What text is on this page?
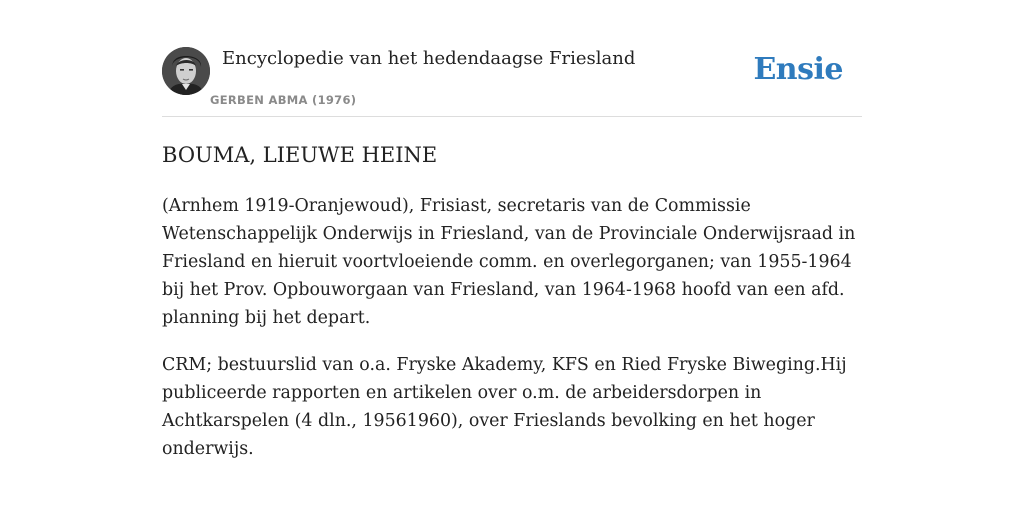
Encyclopedie van het hedendaagse Friesland
GERBEN ABMA (1976)
Ensie
BOUMA, LIEUWE HEINE

(Arnhem 1919-Oranjewoud), Frisiast, secretaris van de Commissie Wetenschappelijk Onderwijs in Friesland, van de Provinciale Onderwijsraad in Friesland en hieruit voortvloeiende comm. en overlegorganen; van 1955-1964 bij het Prov. Opbouworgaan van Friesland, van 1964-1968 hoofd van een afd. planning bij het depart.

CRM; bestuurslid van o.a. Fryske Akademy, KFS en Ried Fryske Biweging.Hij publiceerde rapporten en artikelen over o.m. de arbeidersdorpen in Achtkarspelen (4 dln., 19561960), over Frieslands bevolking en het hoger onderwijs.
